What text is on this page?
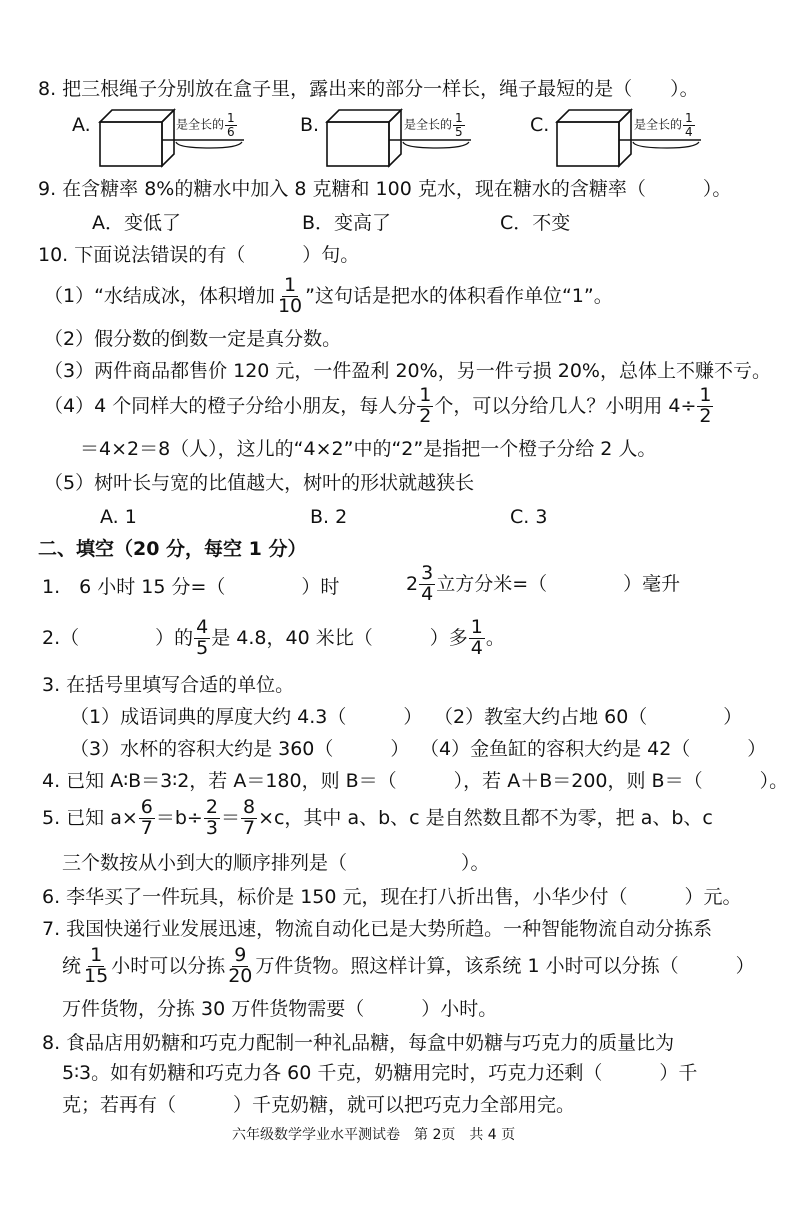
8. 把三根绳子分别放在盒子里，露出来的部分一样长，绳子最短的是（　　）。
A.	是全长的 $\frac{1}{6}$	B.	是全长的 $\frac{1}{5}$	C.	是全长的 $\frac{1}{4}$
9. 在含糖率 8%的糖水中加入 8 克糖和 100 克水，现在糖水的含糖率（　　　）。
A．变低了	B．变高了	C．不变
10. 下面说法错误的有（　　　）句。
（1）“水结成冰，体积增加 $\frac{1}{10}$ ”这句话是把水的体积看作单位“1”。
（2）假分数的倒数一定是真分数。
（3）两件商品都售价 120 元，一件盈利 20%，另一件亏损 20%，总体上不赚不亏。
（4）4 个同样大的橙子分给小朋友，每人分 $\frac{1}{2}$ 个，可以分给几人？小明用 $4\div \frac{1}{2}$
＝4×2＝8（人），这儿的“4×2”中的“2”是指把一个橙子分给 2 人。
（5）树叶长与宽的比值越大，树叶的形状就越狭长
A. 1	B. 2	C. 3
二、填空（20 分，每空 1 分）
1.　6 小时 15 分=（　　　　）时	$2 \frac{3}{4}$ 立方分米=（　　　　）毫升
2.（　　　　）的 $\frac{4}{5}$ 是 4.8，40 米比（　　　）多 $\frac{1}{4}$ 。
3. 在括号里填写合适的单位。
（1）成语词典的厚度大约 4.3（　　　） （2）教室大约占地 60（　　　　）
（3）水杯的容积大约是 360（　　　） （4）金鱼缸的容积大约是 42（　　　）
4. 已知 A∶B＝3∶2，若 A＝180，则 B＝（　　　），若 A＋B＝200，则 B＝（　　　）。
5. 已知 $a\times \frac{6}{7} =b\div \frac{2}{3} = \frac{8}{7} \times c$，其中 a、b、c 是自然数且都不为零，把 a、b、c
三个数按从小到大的顺序排列是（　　　　　　）。
6. 李华买了一件玩具，标价是 150 元，现在打八折出售，小华少付（　　　）元。
7. 我国快递行业发展迅速，物流自动化已是大势所趋。一种智能物流自动分拣系
统 $\frac{1}{15}$ 小时可以分拣 $\frac{9}{20}$ 万件货物。照这样计算，该系统 1 小时可以分拣（　　　）
万件货物，分拣 30 万件货物需要（　　　）小时。
8. 食品店用奶糖和巧克力配制一种礼品糖，每盒中奶糖与巧克力的质量比为
5∶3。如有奶糖和巧克力各 60 千克，奶糖用完时，巧克力还剩（　　　）千
克；若再有（　　　）千克奶糖，就可以把巧克力全部用完。
六年级数学学业水平测试卷　第 2页　共 4 页
